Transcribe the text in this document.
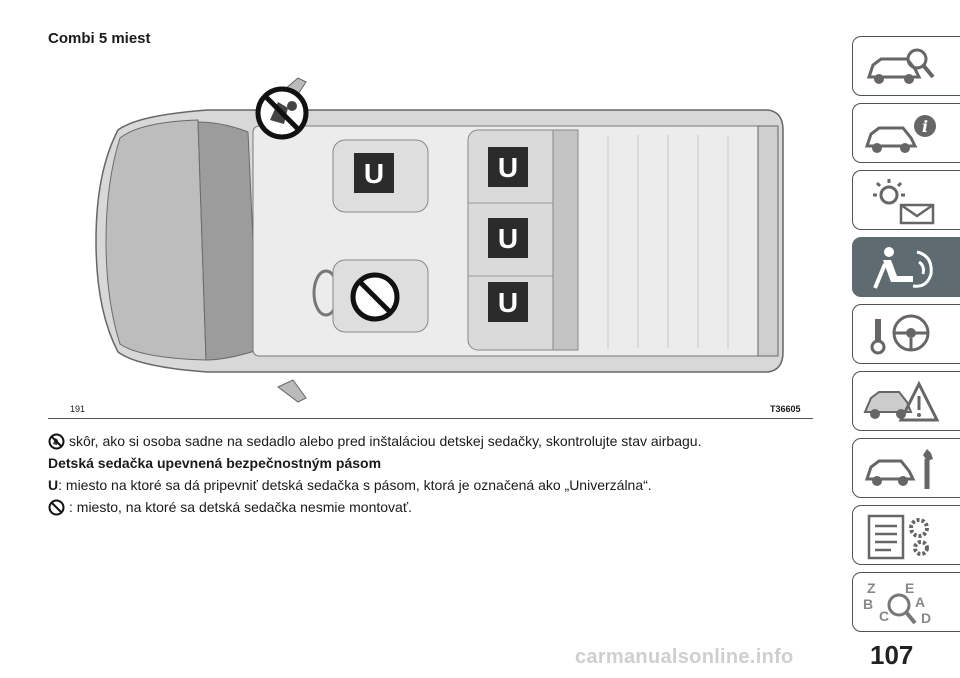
Combi 5 miest
U	U
U
U
191	T36605
skôr, ako si osoba sadne na sedadlo alebo pred inštaláciou detskej sedačky, skontrolujte stav airbagu.
Detská sedačka upevnená bezpečnostným pásom
U : miesto na ktoré sa dá pripevniť detská sedačka s pásom, ktorá je označená ako „Univerzálna“.
: miesto, na ktoré sa detská sedačka nesmie montovať.
i
Z E
B	A
C D
carmanualsonline.info	107
